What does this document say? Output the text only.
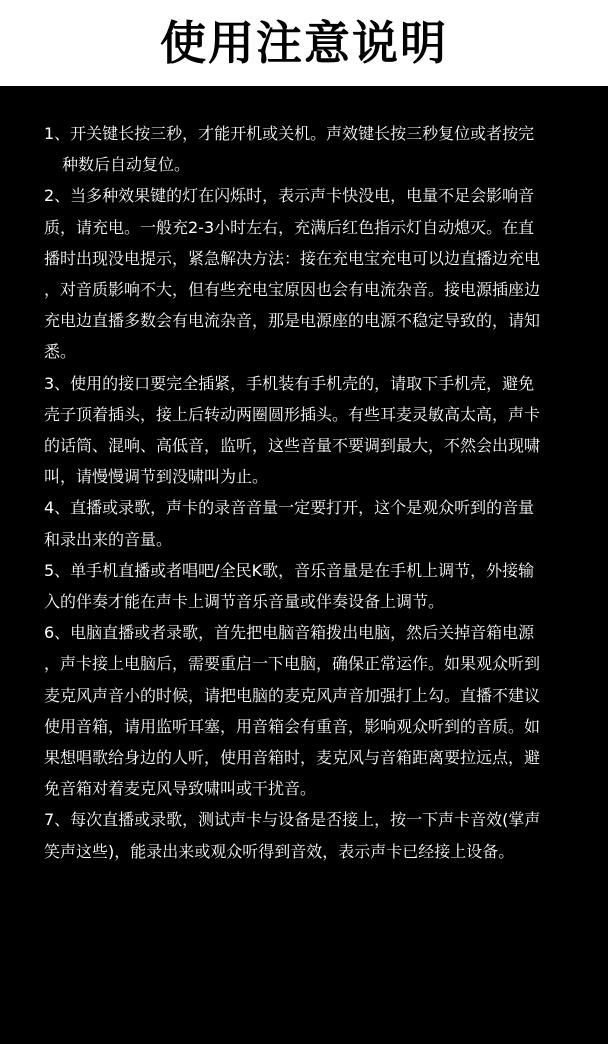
使用注意说明

1、开关键长按三秒，才能开机或关机。声效键长按三秒复位或者按完
种数后自动复位。

2、当多种效果键的灯在闪烁时，表示声卡快没电，电量不足会影响音
质，请充电。一般充2-3小时左右，充满后红色指示灯自动熄灭。在直
播时出现没电提示，紧急解决方法：接在充电宝充电可以边直播边充电
，对音质影响不大，但有些充电宝原因也会有电流杂音。接电源插座边
充电边直播多数会有电流杂音，那是电源座的电源不稳定导致的，请知
悉。

3、使用的接口要完全插紧，手机装有手机壳的，请取下手机壳，避免
壳子顶着插头，接上后转动两圈圆形插头。有些耳麦灵敏高太高，声卡
的话筒、混响、高低音，监听，这些音量不要调到最大，不然会出现啸
叫，请慢慢调节到没啸叫为止。

4、直播或录歌，声卡的录音音量一定要打开，这个是观众听到的音量
和录出来的音量。

5、单手机直播或者唱吧/全民K歌，音乐音量是在手机上调节，外接输
入的伴奏才能在声卡上调节音乐音量或伴奏设备上调节。

6、电脑直播或者录歌，首先把电脑音箱拨出电脑，然后关掉音箱电源
，声卡接上电脑后，需要重启一下电脑，确保正常运作。如果观众听到
麦克风声音小的时候，请把电脑的麦克风声音加强打上勾。直播不建议
使用音箱，请用监听耳塞，用音箱会有重音，影响观众听到的音质。如
果想唱歌给身边的人听，使用音箱时，麦克风与音箱距离要拉远点，避
免音箱对着麦克风导致啸叫或干扰音。

7、每次直播或录歌，测试声卡与设备是否接上，按一下声卡音效(掌声
笑声这些)，能录出来或观众听得到音效，表示声卡已经接上设备。
